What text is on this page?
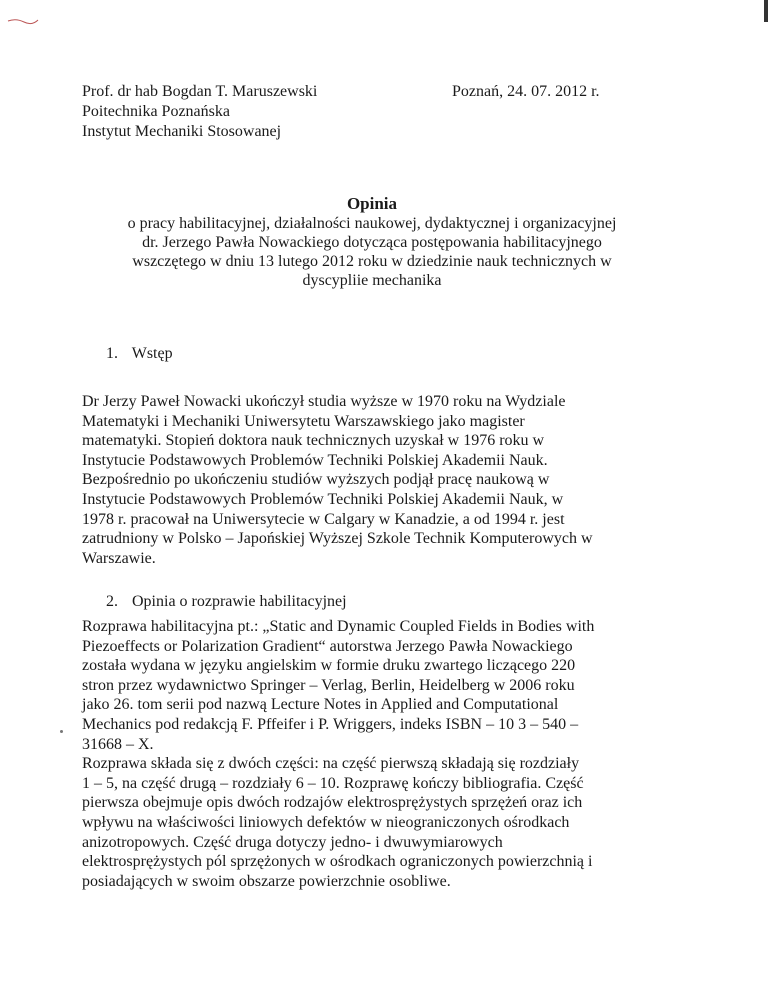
Prof. dr hab Bogdan T. Maruszewski
Poitechnika Poznańska
Instytut Mechaniki Stosowanej
Poznań, 24. 07. 2012 r.
Opinia
o pracy habilitacyjnej, działalności naukowej, dydaktycznej i organizacyjnej
dr. Jerzego Pawła Nowackiego dotycząca postępowania habilitacyjnego
wszczętego w dniu 13 lutego 2012 roku w dziedzinie nauk technicznych w
dyscypliie mechanika
1. Wstęp
Dr Jerzy Paweł Nowacki ukończył studia wyższe w 1970 roku na Wydziale
Matematyki i Mechaniki Uniwersytetu Warszawskiego jako magister
matematyki. Stopień doktora nauk technicznych uzyskał w 1976 roku w
Instytucie Podstawowych Problemów Techniki Polskiej Akademii Nauk.
Bezpośrednio po ukończeniu studiów wyższych podjął pracę naukową w
Instytucie Podstawowych Problemów Techniki Polskiej Akademii Nauk, w
1978 r. pracował na Uniwersytecie w Calgary w Kanadzie, a od 1994 r. jest
zatrudniony w Polsko – Japońskiej Wyższej Szkole Technik Komputerowych w
Warszawie.
2. Opinia o rozprawie habilitacyjnej
Rozprawa habilitacyjna pt.: „Static and Dynamic Coupled Fields in Bodies with
Piezoeffects or Polarization Gradient“ autorstwa Jerzego Pawła Nowackiego
została wydana w języku angielskim w formie druku zwartego liczącego 220
stron przez wydawnictwo Springer – Verlag, Berlin, Heidelberg w 2006 roku
jako 26. tom serii pod nazwą Lecture Notes in Applied and Computational
Mechanics pod redakcją F. Pffeifer i P. Wriggers, indeks ISBN – 10 3 – 540 –
31668 – X.
Rozprawa składa się z dwóch części: na część pierwszą składają się rozdziały
1 – 5, na część drugą – rozdziały 6 – 10. Rozprawę kończy bibliografia. Część
pierwsza obejmuje opis dwóch rodzajów elektrosprężystych sprzężeń oraz ich
wpływu na właściwości liniowych defektów w nieograniczonych ośrodkach
anizotropowych. Część druga dotyczy jedno- i dwuwymiarowych
elektrosprężystych pól sprzężonych w ośrodkach ograniczonych powierzchnią i
posiadających w swoim obszarze powierzchnie osobliwe.
